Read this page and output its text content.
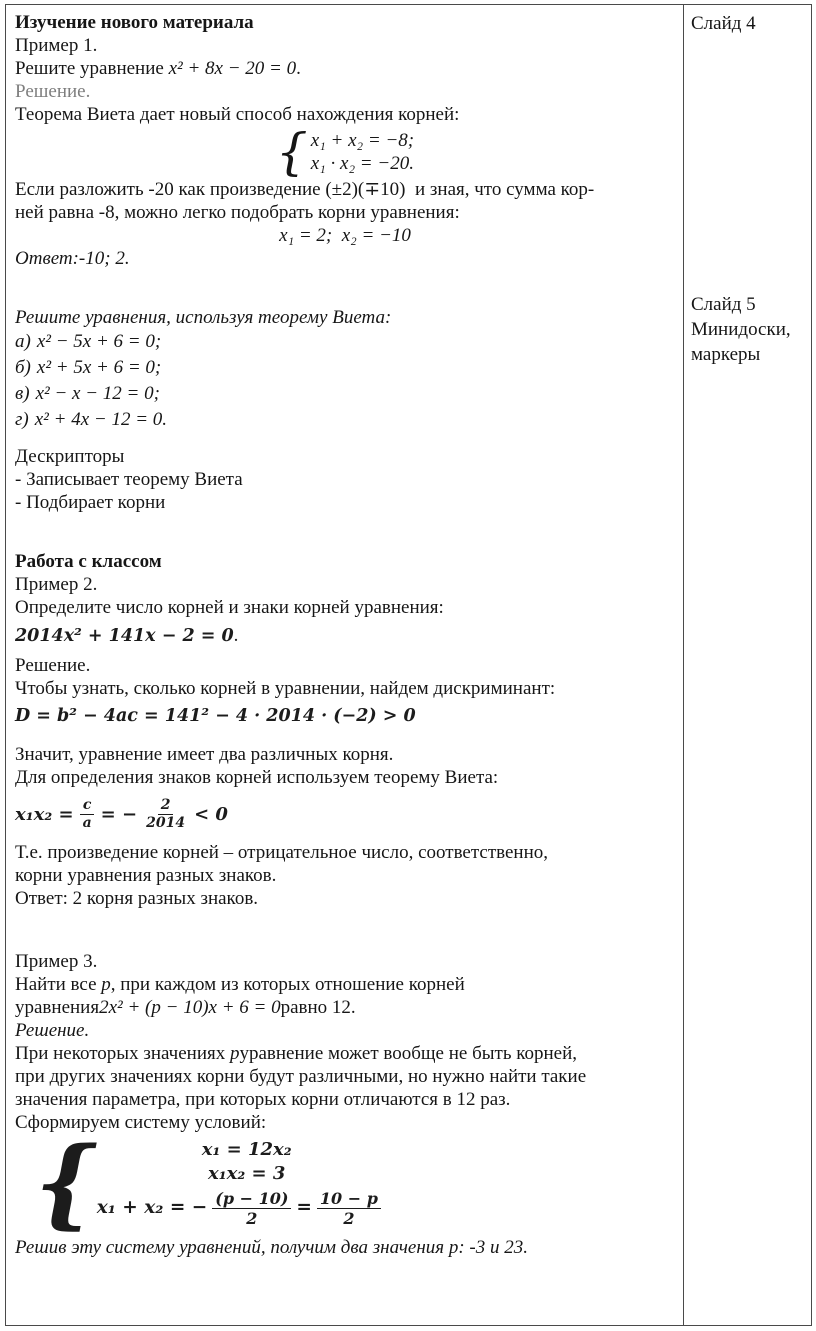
Изучение нового материала

Пример 1.

Решите уравнение x² + 8x − 20 = 0.

Решение.

Теорема Виета дает новый способ нахождения корней:

{ x₁ + x₂ = −8;
x₁ · x₂ = −20.

Если разложить -20 как произведение (±2)(∓10)  и зная, что сумма кор-

ней равна -8, можно легко подобрать корни уравнения:

x₁ = 2;  x₂ = −10

Ответ:-10; 2.

Решите уравнения, используя теорему Виета:

а) x² − 5x + 6 = 0;

б) x² + 5x + 6 = 0;

в) x² − x − 12 = 0;

г) x² + 4x − 12 = 0.

Дескрипторы

- Записывает теорему Виета

- Подбирает корни

Работа с классом

Пример 2.

Определите число корней и знаки корней уравнения:

2014x² + 141x − 2 = 0.

Решение.

Чтобы узнать, сколько корней в уравнении, найдем дискриминант:

D = b² − 4ac = 141² − 4 · 2014 · (−2) > 0

Значит, уравнение имеет два различных корня.

Для определения знаков корней используем теорему Виета:

$x_1x_2 = \frac{c}{a}$ = − $\frac{2}{2014} < 0$

Т.е. произведение корней – отрицательное число, соответственно,

корни уравнения разных знаков.

Ответ: 2 корня разных знаков.

Пример 3.

Найти все p, при каждом из которых отношение корней

уравнения2x² + (p − 10)x + 6 = 0равно 12.

Решение.

При некоторых значениях pуравнение может вообще не быть корней,

при других значениях корни будут различными, но нужно найти такие

значения параметра, при которых корни отличаются в 12 раз.

Сформируем систему условий:

{	x₁ = 12x₂
x₁x₂ = 3
x₁ + x₂ = − $\frac{(p - 10)}{2} = \frac{10 - p}{2}$

Решив эту систему уравнений, получим два значения p: -3 и 23.

Слайд 4

Слайд 5

Минидоски,

маркеры
